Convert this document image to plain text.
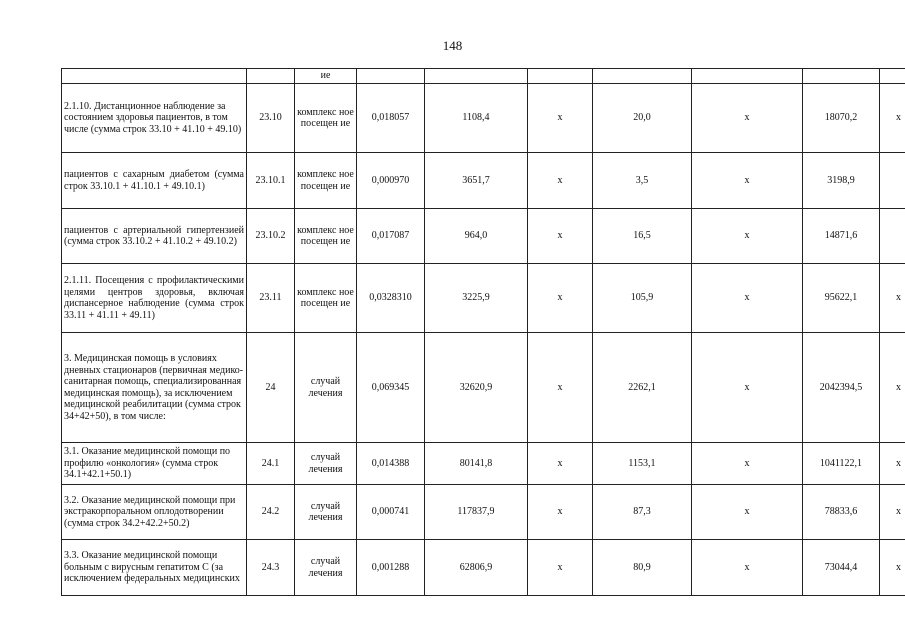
148
		ие							
2.1.10. Дистанционное наблюдение за состоянием здоровья пациентов, в том числе (сумма строк 33.10 + 41.10 + 49.10)	23.10	комплекс ное посещен ие	0,018057	1108,4	x	20,0	x	18070,2	x
пациентов с сахарным диабетом (сумма строк 33.10.1 + 41.10.1 + 49.10.1)	23.10.1	комплекс ное посещен ие	0,000970	3651,7	x	3,5	x	3198,9	
пациентов с артериальной гипертензией (сумма строк 33.10.2 + 41.10.2 + 49.10.2)	23.10.2	комплекс ное посещен ие	0,017087	964,0	x	16,5	x	14871,6	
2.1.11. Посещения с профилактическими целями центров здоровья, включая диспансерное наблюдение (сумма строк 33.11 + 41.11 + 49.11)	23.11	комплекс ное посещен ие	0,0328310	3225,9	x	105,9	x	95622,1	x
3. Медицинская помощь в условиях дневных стационаров (первичная медико-санитарная помощь, специализированная медицинская помощь), за исключением медицинской реабилитации (сумма строк 34+42+50), в том числе:	24	случай лечения	0,069345	32620,9	x	2262,1	x	2042394,5	x
3.1. Оказание медицинской помощи по профилю «онкология» (сумма строк 34.1+42.1+50.1)	24.1	случай лечения	0,014388	80141,8	x	1153,1	x	1041122,1	x
3.2. Оказание медицинской помощи при экстракорпоральном оплодотворении (сумма строк 34.2+42.2+50.2)	24.2	случай лечения	0,000741	117837,9	x	87,3	x	78833,6	x
3.3. Оказание медицинской помощи больным с вирусным гепатитом С (за исключением федеральных медицинских	24.3	случай лечения	0,001288	62806,9	x	80,9	x	73044,4	x
